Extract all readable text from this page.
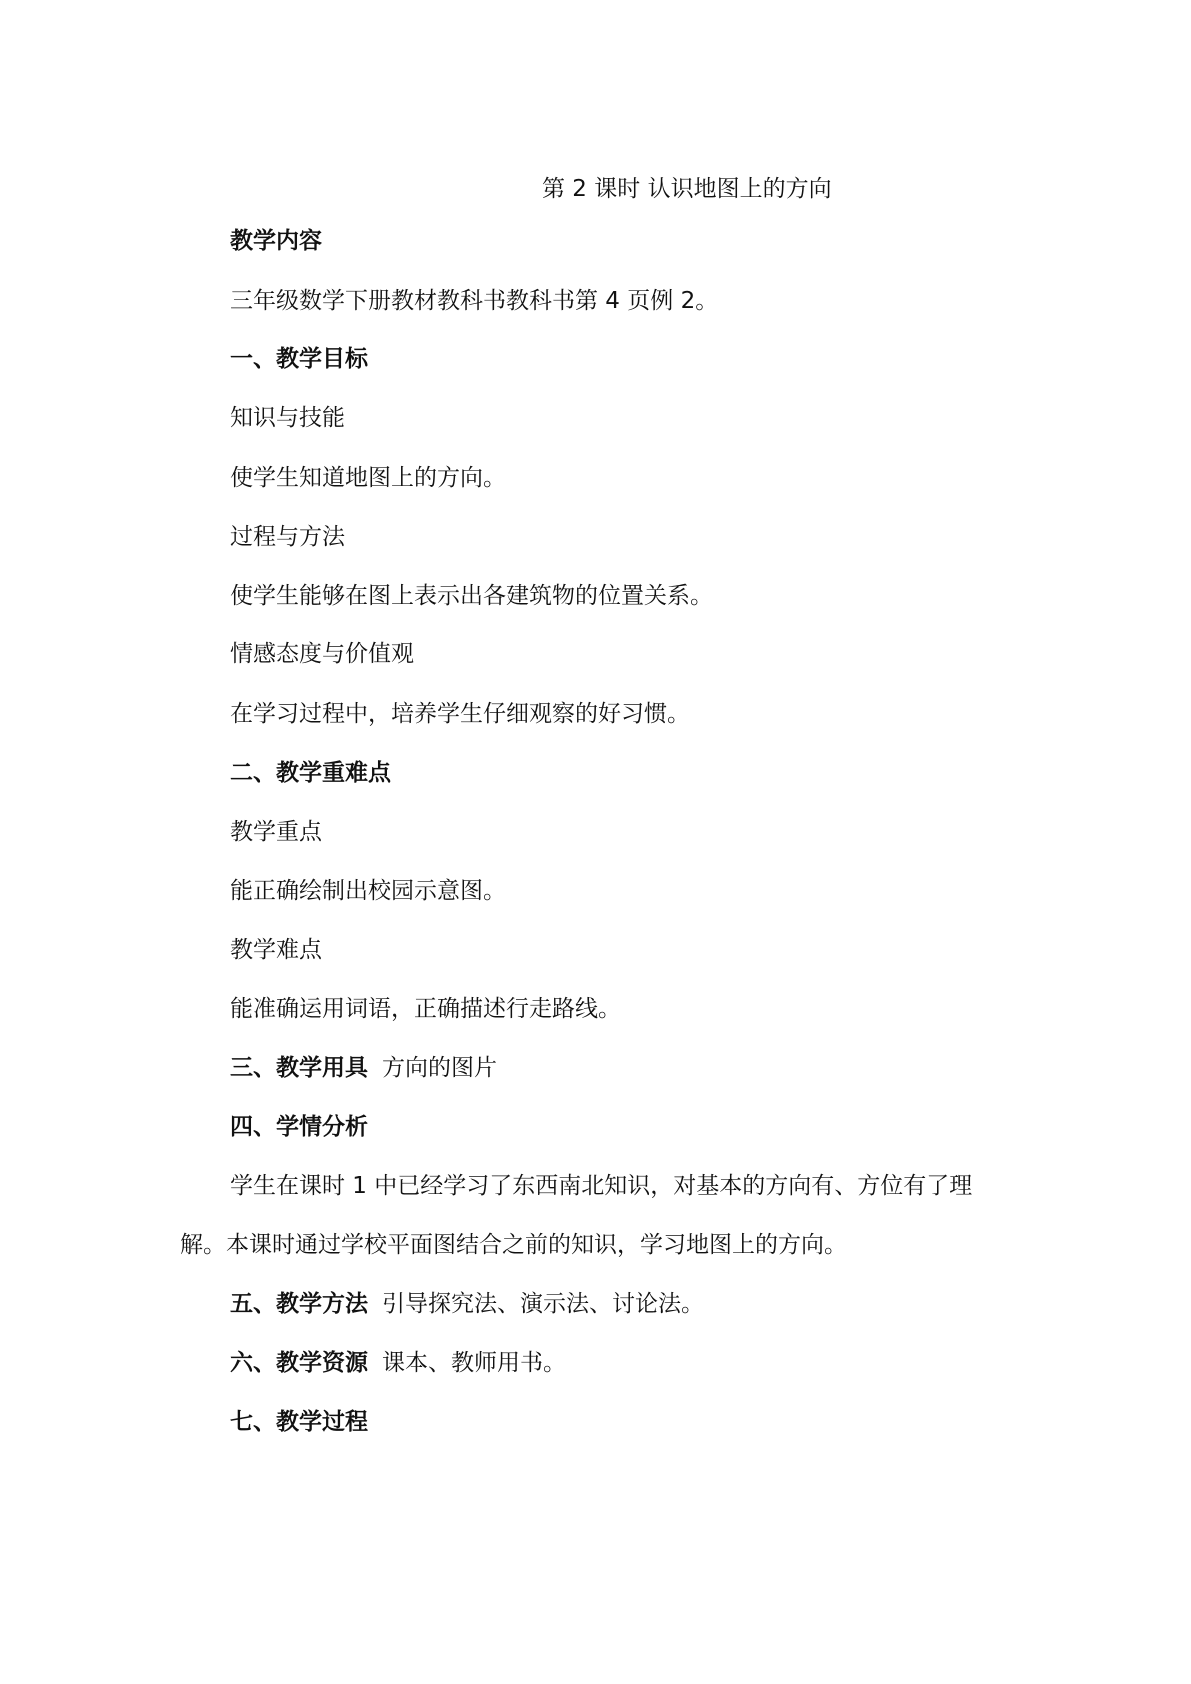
第 2 课时 认识地图上的方向
教学内容
三年级数学下册教材教科书教科书第 4 页例 2。
一、教学目标
知识与技能
使学生知道地图上的方向。
过程与方法
使学生能够在图上表示出各建筑物的位置关系。
情感态度与价值观
在学习过程中，培养学生仔细观察的好习惯。
二、教学重难点
教学重点
能正确绘制出校园示意图。
教学难点
能准确运用词语，正确描述行走路线。
三、教学用具 方向的图片
四、学情分析
学生在课时 1 中已经学习了东西南北知识，对基本的方向有、方位有了理
解。本课时通过学校平面图结合之前的知识，学习地图上的方向。
五、教学方法 引导探究法、演示法、讨论法。
六、教学资源 课本、教师用书。
七、教学过程
